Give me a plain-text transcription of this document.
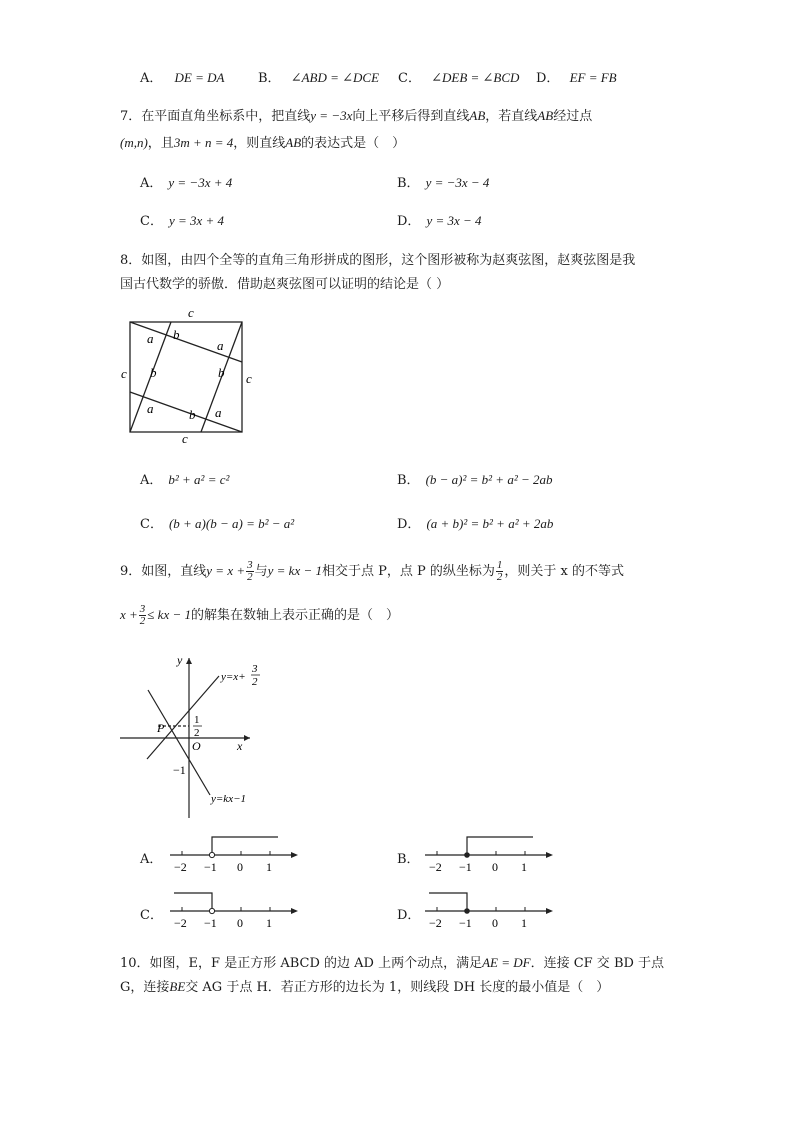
A． DE = DA	B． ∠ABD = ∠DCE C． ∠DEB = ∠BCD D． EF = FB
7．在平面直角坐标系中，把直线y = −3x向上平移后得到直线AB，若直线AB经过点
(m,n)，且3m + n = 4，则直线AB的表达式是（　）
A． y = −3x + 4	B． y = −3x − 4
C． y = 3x + 4	D． y = 3x − 4
8．如图，由四个全等的直角三角形拼成的图形，这个图形被称为赵爽弦图，赵爽弦图是我
国古代数学的骄傲．借助赵爽弦图可以证明的结论是（ ）
c
c	c
c
a b
a
b	b
a	b a
A． b² + a² = c²	B． (b − a)² = b² + a² − 2ab
C． (b + a)(b − a) = b² − a²	D． (a + b)² = b² + a² + 2ab
9．如图，直线$y = x + \frac{3}{2}$ 与y = kx − 1相交于点 P，点 P 的纵坐标为 $\frac{1}{2}$ ，则关于 x 的不等式
$x + \frac{3}{2}$ ≤ kx − 1的解集在数轴上表示正确的是（　）
y
x
O
P
1
2
−1
y=x+
3
2
y=kx−1
A． −2 −1 0 1	B． −2 −1 0 1
C． −2 −1 0 1	D． −2 −1 0 1
10．如图，E，F 是正方形 ABCD 的边 AD 上两个动点，满足AE = DF．连接 CF 交 BD 于点
G，连接BE交 AG 于点 H．若正方形的边长为 1，则线段 DH 长度的最小值是（　）
